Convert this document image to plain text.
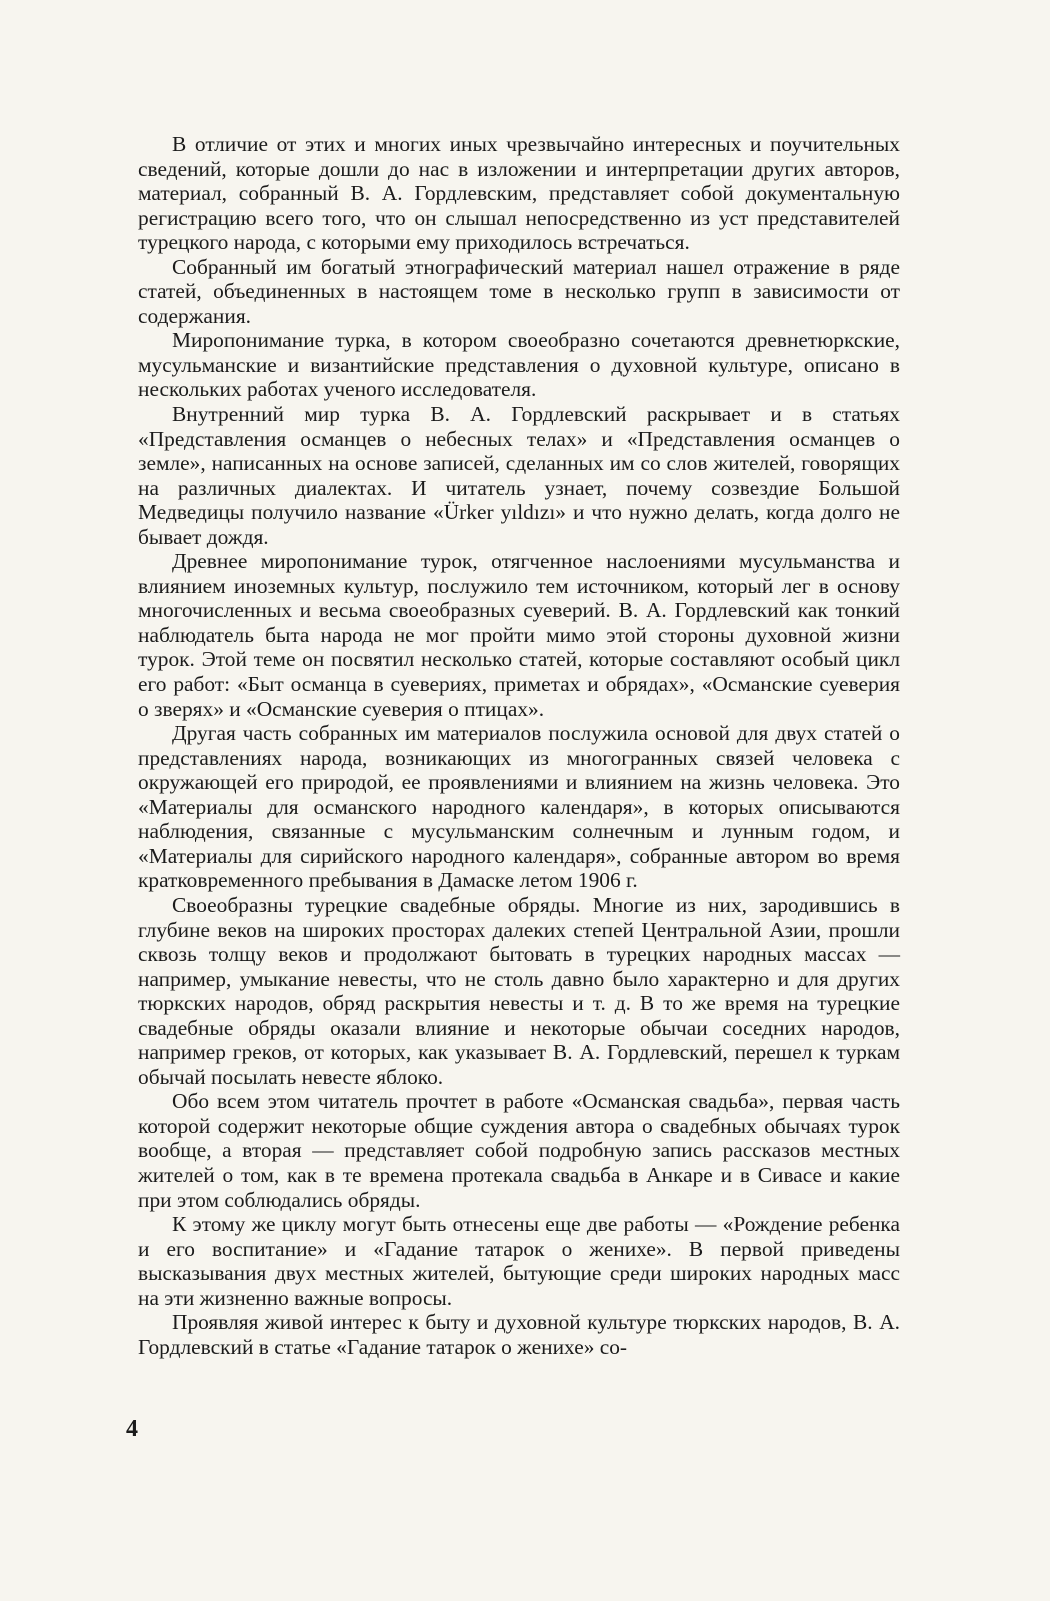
В отличие от этих и многих иных чрезвычайно интересных и поучительных сведений, которые дошли до нас в изложении и интерпретации других авторов, материал, собранный В. А. Гордлевским, представляет собой документальную регистрацию всего того, что он слышал непосредственно из уст представителей турецкого народа, с которыми ему приходилось встречаться.

Собранный им богатый этнографический материал нашел отражение в ряде статей, объединенных в настоящем томе в несколько групп в зависимости от содержания.

Миропонимание турка, в котором своеобразно сочетаются древнетюркские, мусульманские и византийские представления о духовной культуре, описано в нескольких работах ученого исследователя.

Внутренний мир турка В. А. Гордлевский раскрывает и в статьях «Представления османцев о небесных телах» и «Представления османцев о земле», написанных на основе записей, сделанных им со слов жителей, говорящих на различных диалектах. И читатель узнает, почему созвездие Большой Медведицы получило название «Ürker yıldızı» и что нужно делать, когда долго не бывает дождя.

Древнее миропонимание турок, отягченное наслоениями мусульманства и влиянием иноземных культур, послужило тем источником, который лег в основу многочисленных и весьма своеобразных суеверий. В. А. Гордлевский как тонкий наблюдатель быта народа не мог пройти мимо этой стороны духовной жизни турок. Этой теме он посвятил несколько статей, которые составляют особый цикл его работ: «Быт османца в суевериях, приметах и обрядах», «Османские суеверия о зверях» и «Османские суеверия о птицах».

Другая часть собранных им материалов послужила основой для двух статей о представлениях народа, возникающих из многогранных связей человека с окружающей его природой, ее проявлениями и влиянием на жизнь человека. Это «Материалы для османского народного календаря», в которых описываются наблюдения, связанные с мусульманским солнечным и лунным годом, и «Материалы для сирийского народного календаря», собранные автором во время кратковременного пребывания в Дамаске летом 1906 г.

Своеобразны турецкие свадебные обряды. Многие из них, зародившись в глубине веков на широких просторах далеких степей Центральной Азии, прошли сквозь толщу веков и продолжают бытовать в турецких народных массах — например, умыкание невесты, что не столь давно было характерно и для других тюркских народов, обряд раскрытия невесты и т. д. В то же время на турецкие свадебные обряды оказали влияние и некоторые обычаи соседних народов, например греков, от которых, как указывает В. А. Гордлевский, перешел к туркам обычай посылать невесте яблоко.

Обо всем этом читатель прочтет в работе «Османская свадьба», первая часть которой содержит некоторые общие суждения автора о свадебных обычаях турок вообще, а вторая — представляет собой подробную запись рассказов местных жителей о том, как в те времена протекала свадьба в Анкаре и в Сивасе и какие при этом соблюдались обряды.

К этому же циклу могут быть отнесены еще две работы — «Рождение ребенка и его воспитание» и «Гадание татарок о женихе». В первой приведены высказывания двух местных жителей, бытующие среди широких народных масс на эти жизненно важные вопросы.

Проявляя живой интерес к быту и духовной культуре тюркских народов, В. А. Гордлевский в статье «Гадание татарок о женихе» со-

4
